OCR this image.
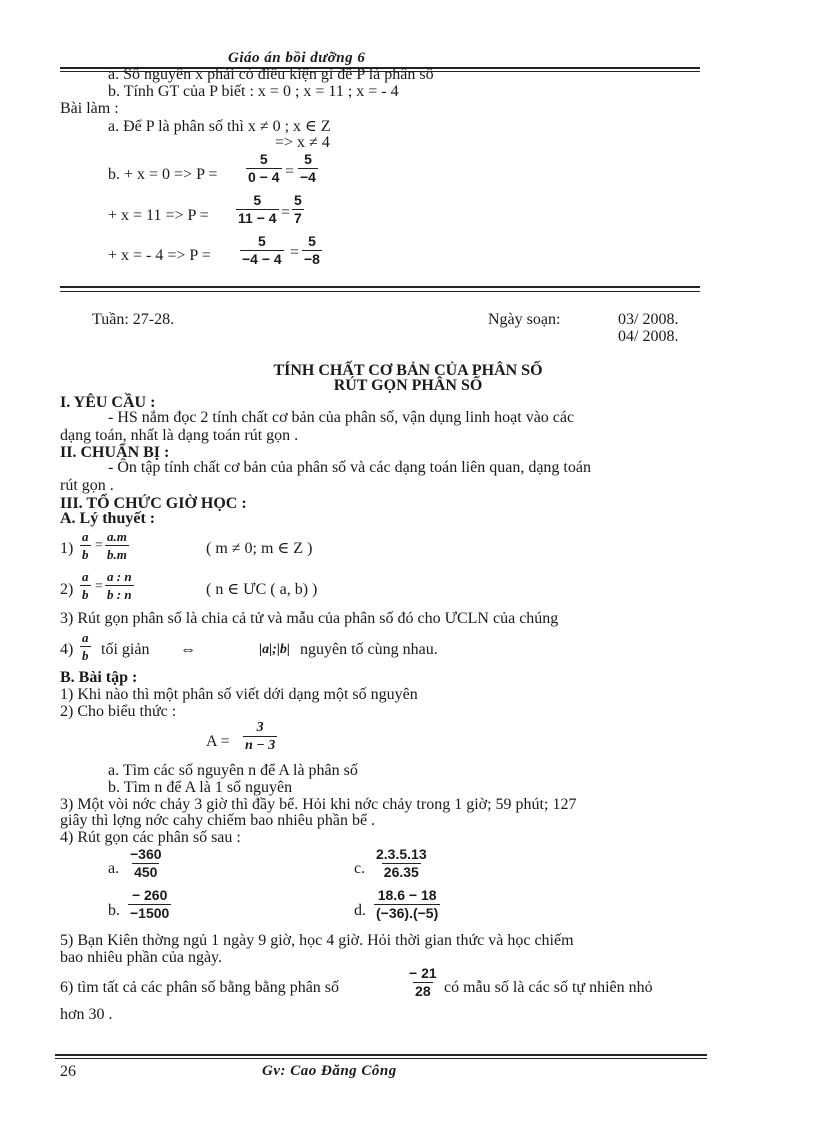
Giáo án bồi dưỡng 6
a. Số nguyên x phải có điều kiện gì để P là phân số
b. Tính GT của P biết : x = 0 ; x = 11 ; x = - 4
Bài làm :
a. Để P là phân số thì x ≠ 0 ; x ∈ Z
=> x ≠ 4
b. + $x = 0 => P = \frac{5}{0 - 4} = \frac{5}{-4}$
+ $x = 11 => P = \frac{5}{11 - 4} = \frac{5}{7}$
+ x = - $4 => P = \frac{5}{-4 - 4} = \frac{5}{-8}$
Tuần: 27-28.	Ngày soạn:	03/ 2008.
04/ 2008.
TÍNH CHẤT CƠ BẢN CỦA PHÂN SỐ
RÚT GỌN PHÂN SỐ
I. YÊU CẦU :
- HS nắm đọc 2 tính chất cơ bản của phân số, vận dụng linh hoạt vào các
dạng toán, nhất là dạng toán rút gọn .
II. CHUẨN BỊ :
- Ôn tập tính chất cơ bản của phân số và các dạng toán liên quan, dạng toán
rút gọn .
III. TỔ CHỨC GIỜ HỌC :
A. Lý thuyết :
$1) \frac{a}{b} = \frac{a.m}{b.m}$	( m ≠ 0; m ∈ Z )
$2) \frac{a}{b} = \frac{a : n}{b : n}$	( n ∈ ƯC ( a, b) )
3) Rút gọn phân số là chia cả tử và mẫu của phân số đó cho ƯCLN của chúng
$4) \frac{a}{b}$ tối giản ⇔	|a|;|b| nguyên tố cùng nhau.
B. Bài tập :
1) Khi nào thì một phân số viết dới dạng một số nguyên
2) Cho biểu thức :
$A = \frac{3}{n - 3}$
a. Tìm các số nguyên n để A là phân số
b. Tìm n để A là 1 số nguyên
3) Một vòi nớc chảy 3 giờ thì đầy bể. Hỏi khi nớc chảy trong 1 giờ; 59 phút; 127
giây thì lợng nớc cahy chiếm bao nhiêu phần bể .
4) Rút gọn các phân số sau :
a. $\frac{-360}{450}$
b. $\frac{- 260}{-1500}$
c. $\frac{2.3.5.13}{26.35}$
d. $\frac{18.6 - 18}{(-36).(-5)}$
5) Bạn Kiên thờng ngủ 1 ngày 9 giờ, học 4 giờ. Hỏi thời gian thức và học chiếm
bao nhiêu phần của ngày.
6) tìm tất cả các phân số bằng bằng phân số	$\frac{- 21}{28}$ có mẫu số là các số tự nhiên nhỏ
hơn 30 .
26	Gv: Cao Đăng Công
